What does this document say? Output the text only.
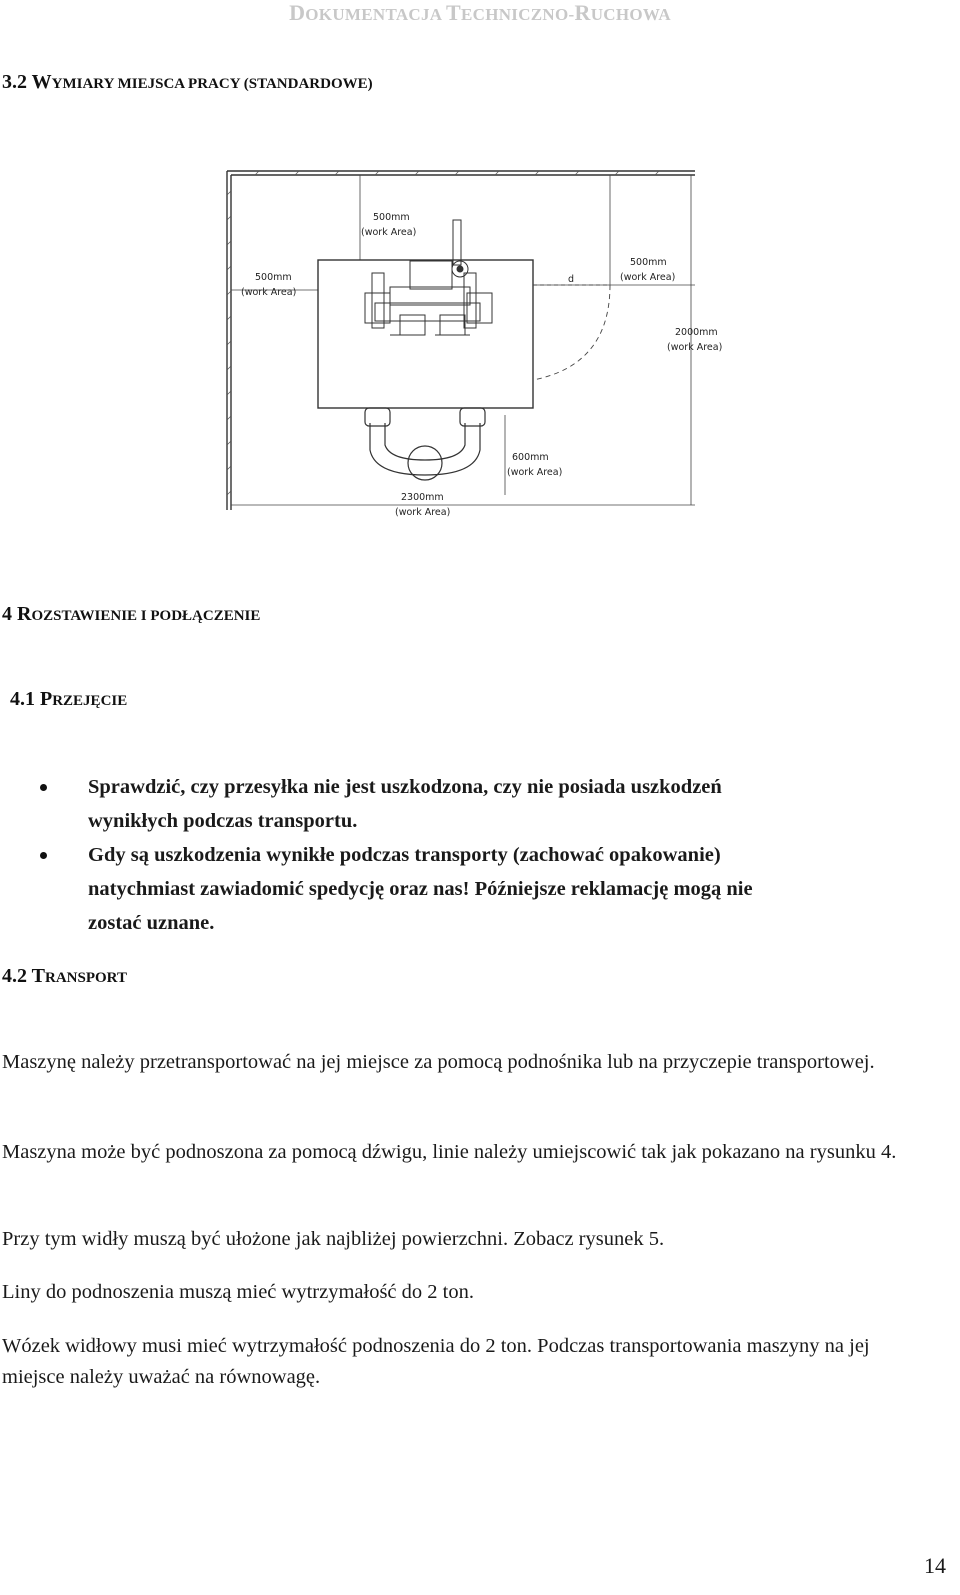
DOKUMENTACJA TECHNICZNO-RUCHOWA
3.2 WYMIARY MIEJSCA PRACY (STANDARDOWE)
500mm
(work Area)
500mm
(work Area)
500mm
(work Area)
2000mm
(work Area)
600mm
(work Area)
2300mm
(work Area)
d
4 ROZSTAWIENIE I PODŁĄCZENIE
4.1 PRZEJĘCIE
Sprawdzić, czy przesyłka nie jest uszkodzona, czy nie posiada uszkodzeń
wynikłych podczas transportu.
Gdy są uszkodzenia wynikłe podczas transporty (zachować opakowanie)
natychmiast zawiadomić spedycję oraz nas! Późniejsze reklamację mogą nie
zostać uznane.
4.2 TRANSPORT

Maszynę należy przetransportować na jej miejsce za pomocą podnośnika lub na przyczepie transportowej.

Maszyna może być podnoszona za pomocą dźwigu, linie należy umiejscowić tak jak pokazano na rysunku 4.

Przy tym widły muszą być ułożone jak najbliżej powierzchni. Zobacz rysunek 5.

Liny do podnoszenia muszą mieć wytrzymałość do 2 ton.

Wózek widłowy musi mieć wytrzymałość podnoszenia do 2 ton. Podczas transportowania maszyny na jej miejsce należy uważać na równowagę.

14
